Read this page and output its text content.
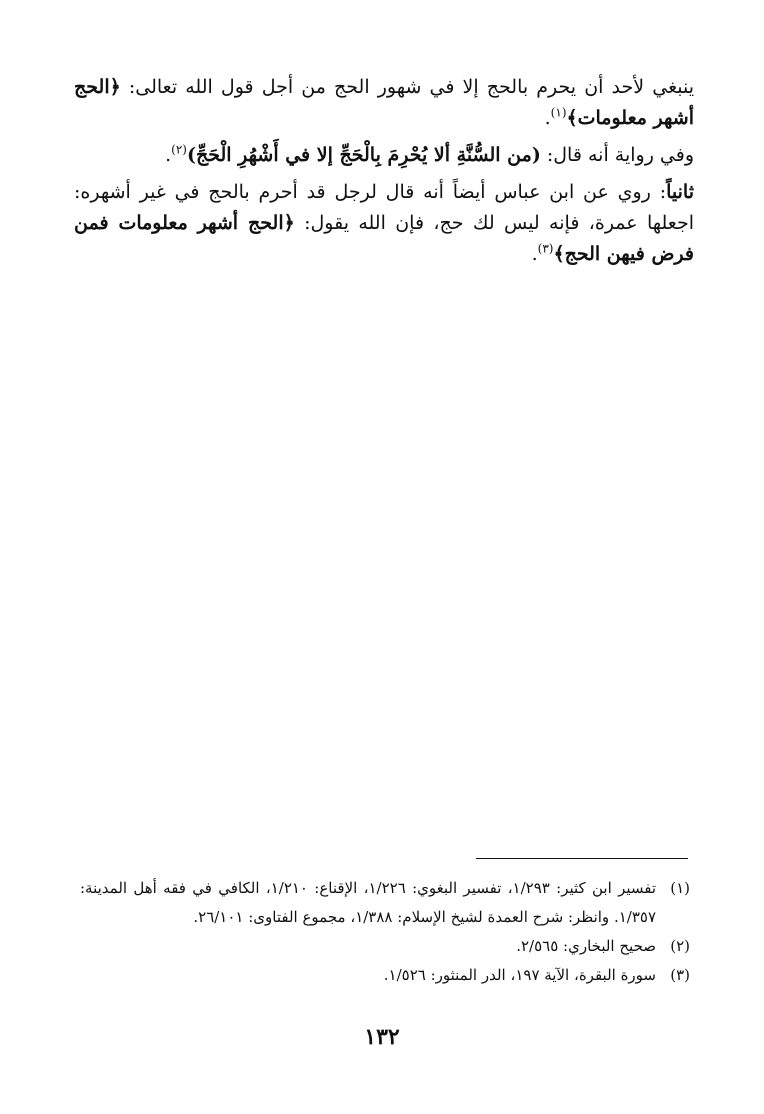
ينبغي لأحد أن يحرم بالحج إلا في شهور الحج من أجل قول الله تعالى: ﴿الحج أشهر معلومات﴾$^{(١)}$.

وفي رواية أنه قال: (من السُّنَّةِ ألا يُحْرِمَ بِالْحَجِّ إلا في أَشْهُرِ الْحَجِّ)$^{(٢)}$.

ثانياً: روي عن ابن عباس أيضاً أنه قال لرجل قد أحرم بالحج في غير أشهره: اجعلها عمرة، فإنه ليس لك حج، فإن الله يقول: ﴿الحج أشهر معلومات فمن فرض فيهن الحج﴾$^{(٣)}$.

(١)
تفسير ابن كثير: ١/٢٩٣، تفسير البغوي: ١/٢٢٦، الإقناع: ١/٢١٠، الكافي في فقه أهل المدينة: ١/٣٥٧. وانظر: شرح العمدة لشيخ الإسلام: ١/٣٨٨، مجموع الفتاوى: ٢٦/١٠١.
(٢)
صحيح البخاري: ٢/٥٦٥.
(٣)
سورة البقرة، الآية ١٩٧، الدر المنثور: ١/٥٢٦.
١٣٢
